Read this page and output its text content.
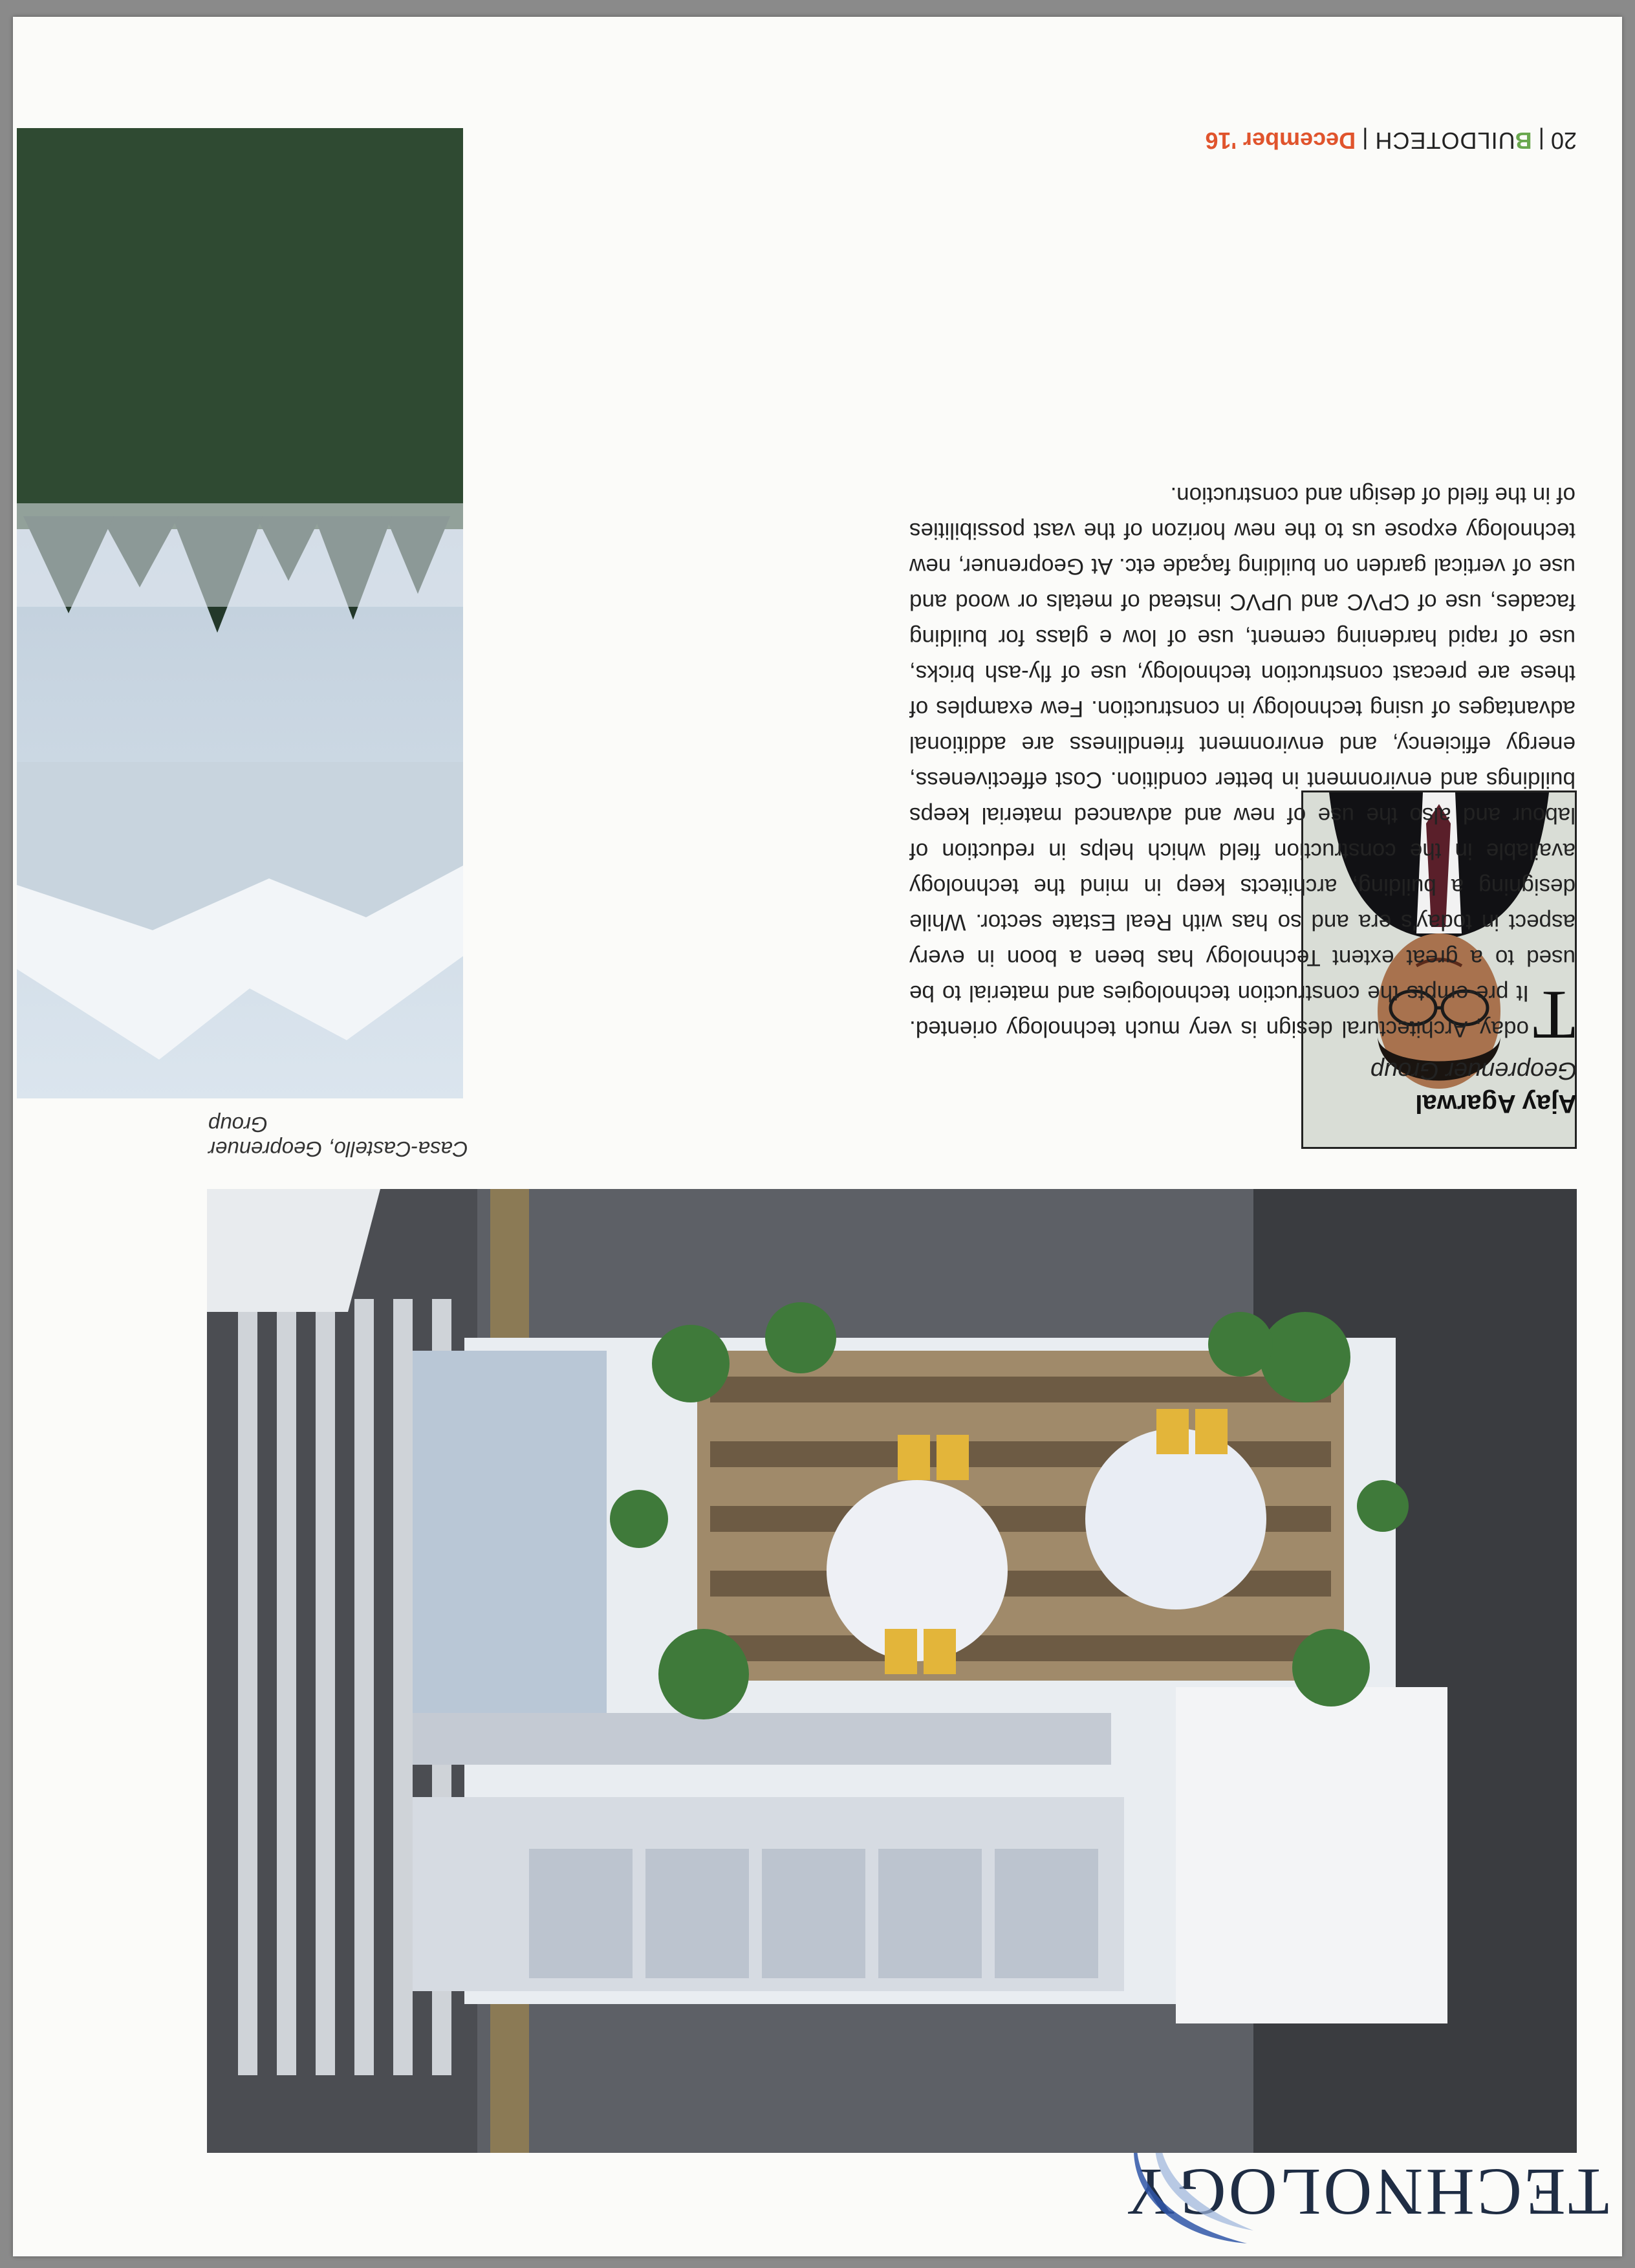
TECHNOLOGY

Casa-Castello, Geoprenuer Group

Ajay Agarwal

Geoprenuer Group

T
oday, Architectural design is very much technology oriented. It pre-empts the construction technologies and material to be used to a great extent Technology has been a boon in every aspect in today's era and so has with Real Estate sector. While designing a building, architects keep in mind the technology available in the construction field which helps in reduction of labour and also the use of new and advanced material keeps buildings and environment in better condition. Cost effectiveness, energy efficiency, and environment friendliness are additional advantages of using technology in construction. Few examples of these are precast construction technology, use of fly-ash bricks, use of rapid hardening cement, use of low e glass for building facades, use of CPVC and UPVC instead of metals or wood and use of vertical garden on building façade etc. At Geoprenuer, new technology expose us to the new horizon of the vast possibilities of in the field of design and construction.
20 | BUILDOTECH | December '16
